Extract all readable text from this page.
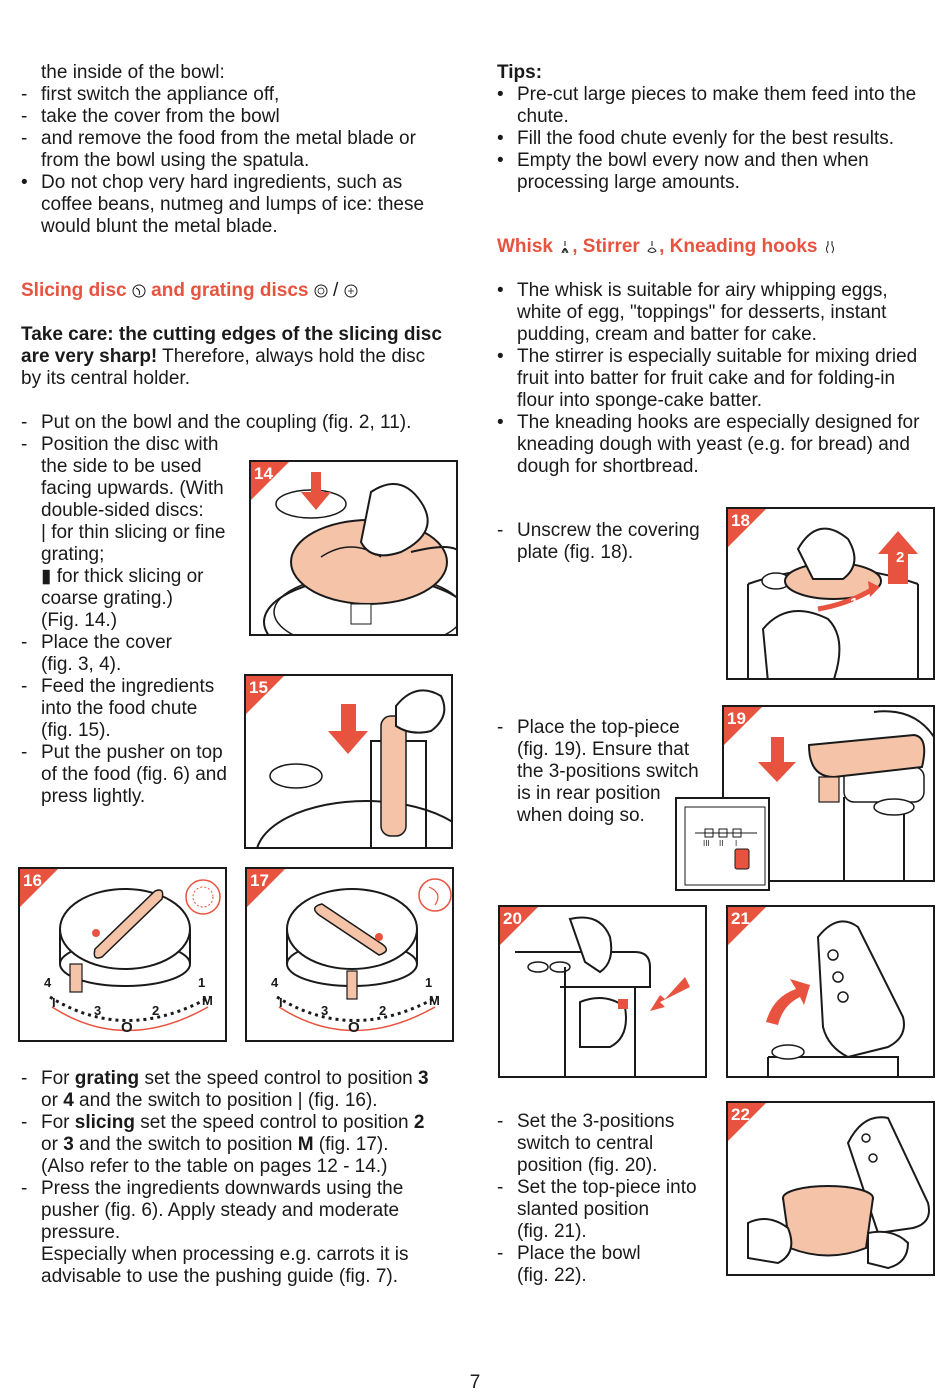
the inside of the bowl:
- first switch the appliance off,
- take the cover from the bowl
- and remove the food from the metal blade or
from the bowl using the spatula.
• Do not chop very hard ingredients, such as
coffee beans, nutmeg and lumps of ice: these
would blunt the metal blade.
Slicing disc and grating discs /
Take care: the cutting edges of the slicing disc
are very sharp! Therefore, always hold the disc
by its central holder.
- Put on the bowl and the coupling (fig. 2, 11).
- Position the disc with
the side to be used
facing upwards. (With
double-sided discs:
| for thin slicing or fine
grating;
▮ for thick slicing or
coarse grating.)
(Fig. 14.)
- Place the cover
(fig. 3, 4).
- Feed the ingredients
into the food chute
(fig. 15).
- Put the pusher on top
of the food (fig. 6) and
press lightly.
- For grating set the speed control to position 3
or 4 and the switch to position | (fig. 16).
- For slicing set the speed control to position 2
or 3 and the switch to position M (fig. 17).
(Also refer to the table on pages 12 - 14.)
- Press the ingredients downwards using the
pusher (fig. 6). Apply steady and moderate
pressure.
Especially when processing e.g. carrots it is
advisable to use the pushing guide (fig. 7).
Tips:
• Pre-cut large pieces to make them feed into the
chute.
• Fill the food chute evenly for the best results.
• Empty the bowl every now and then when
processing large amounts.
Whisk , Stirrer , Kneading hooks
• The whisk is suitable for airy whipping eggs,
white of egg, "toppings" for desserts, instant
pudding, cream and batter for cake.
• The stirrer is especially suitable for mixing dried
fruit into batter for fruit cake and for folding-in
flour into sponge-cake batter.
• The kneading hooks are especially designed for
kneading dough with yeast (e.g. for bread) and
dough for shortbread.
- Unscrew the covering
plate (fig. 18).
- Place the top-piece
(fig. 19). Ensure that
the 3-positions switch
is in rear position
when doing so.
- Set the 3-positions
switch to central
position (fig. 20).
- Set the top-piece into
slanted position
(fig. 21).
- Place the bowl
(fig. 22).
14
15
16
4
3	2
1
I	M
O
17
4
3	2
1
I	M
O
18
1
2
19
III II I
20	21
22
7
